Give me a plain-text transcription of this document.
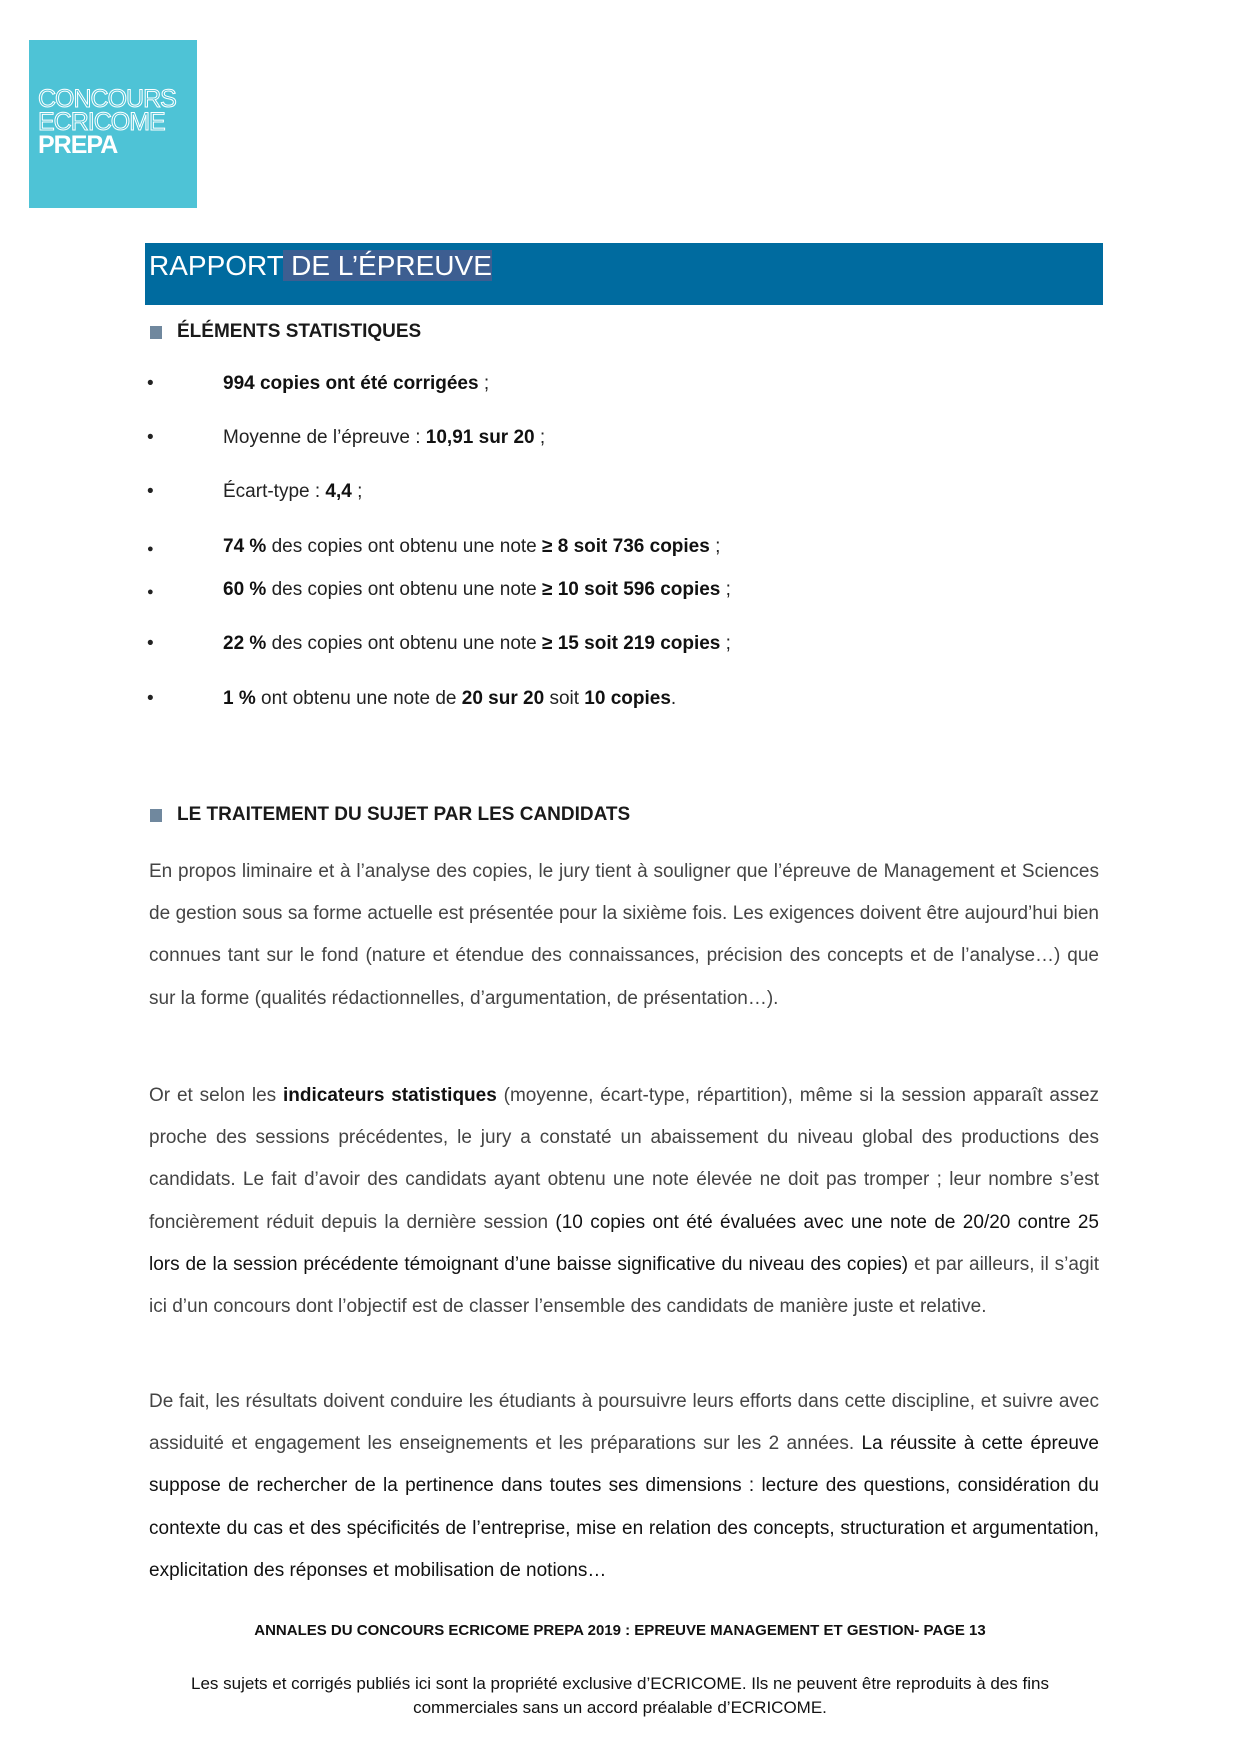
CONCOURS
ECRICOME
PREPA
RAPPORT DE L’ÉPREUVE
ÉLÉMENTS STATISTIQUES
•	994 copies ont été corrigées ;
•	Moyenne de l’épreuve : 10,91 sur 20 ;
•	Écart-type : 4,4 ;
●	74 % des copies ont obtenu une note ≥ 8 soit 736 copies ;
●	60 % des copies ont obtenu une note ≥ 10 soit 596 copies ;
•	22 % des copies ont obtenu une note ≥ 15 soit 219 copies ;
•	1 % ont obtenu une note de 20 sur 20 soit 10 copies.
LE TRAITEMENT DU SUJET PAR LES CANDIDATS

En propos liminaire et à l’analyse des copies, le jury tient à souligner que l’épreuve de Management et Sciences de gestion sous sa forme actuelle est présentée pour la sixième fois. Les exigences doivent être aujourd’hui bien connues tant sur le fond (nature et étendue des connaissances, précision des concepts et de l’analyse…) que sur la forme (qualités rédactionnelles, d’argumentation, de présentation…).

Or et selon les indicateurs statistiques (moyenne, écart-type, répartition), même si la session apparaît assez proche des sessions précédentes, le jury a constaté un abaissement du niveau global des productions des candidats. Le fait d’avoir des candidats ayant obtenu une note élevée ne doit pas tromper ; leur nombre s’est foncièrement réduit depuis la dernière session (10 copies ont été évaluées avec une note de 20/20 contre 25 lors de la session précédente témoignant d’une baisse significative du niveau des copies) et par ailleurs, il s’agit ici d’un concours dont l’objectif est de classer l’ensemble des candidats de manière juste et relative.

De fait, les résultats doivent conduire les étudiants à poursuivre leurs efforts dans cette discipline, et suivre avec assiduité et engagement les enseignements et les préparations sur les 2 années. La réussite à cette épreuve suppose de rechercher de la pertinence dans toutes ses dimensions : lecture des questions, considération du contexte du cas et des spécificités de l’entreprise, mise en relation des concepts, structuration et argumentation, explicitation des réponses et mobilisation de notions…

ANNALES DU CONCOURS ECRICOME PREPA 2019 : EPREUVE MANAGEMENT ET GESTION- PAGE 13
Les sujets et corrigés publiés ici sont la propriété exclusive d’ECRICOME. Ils ne peuvent être reproduits à des fins commerciales sans un accord préalable d’ECRICOME.
